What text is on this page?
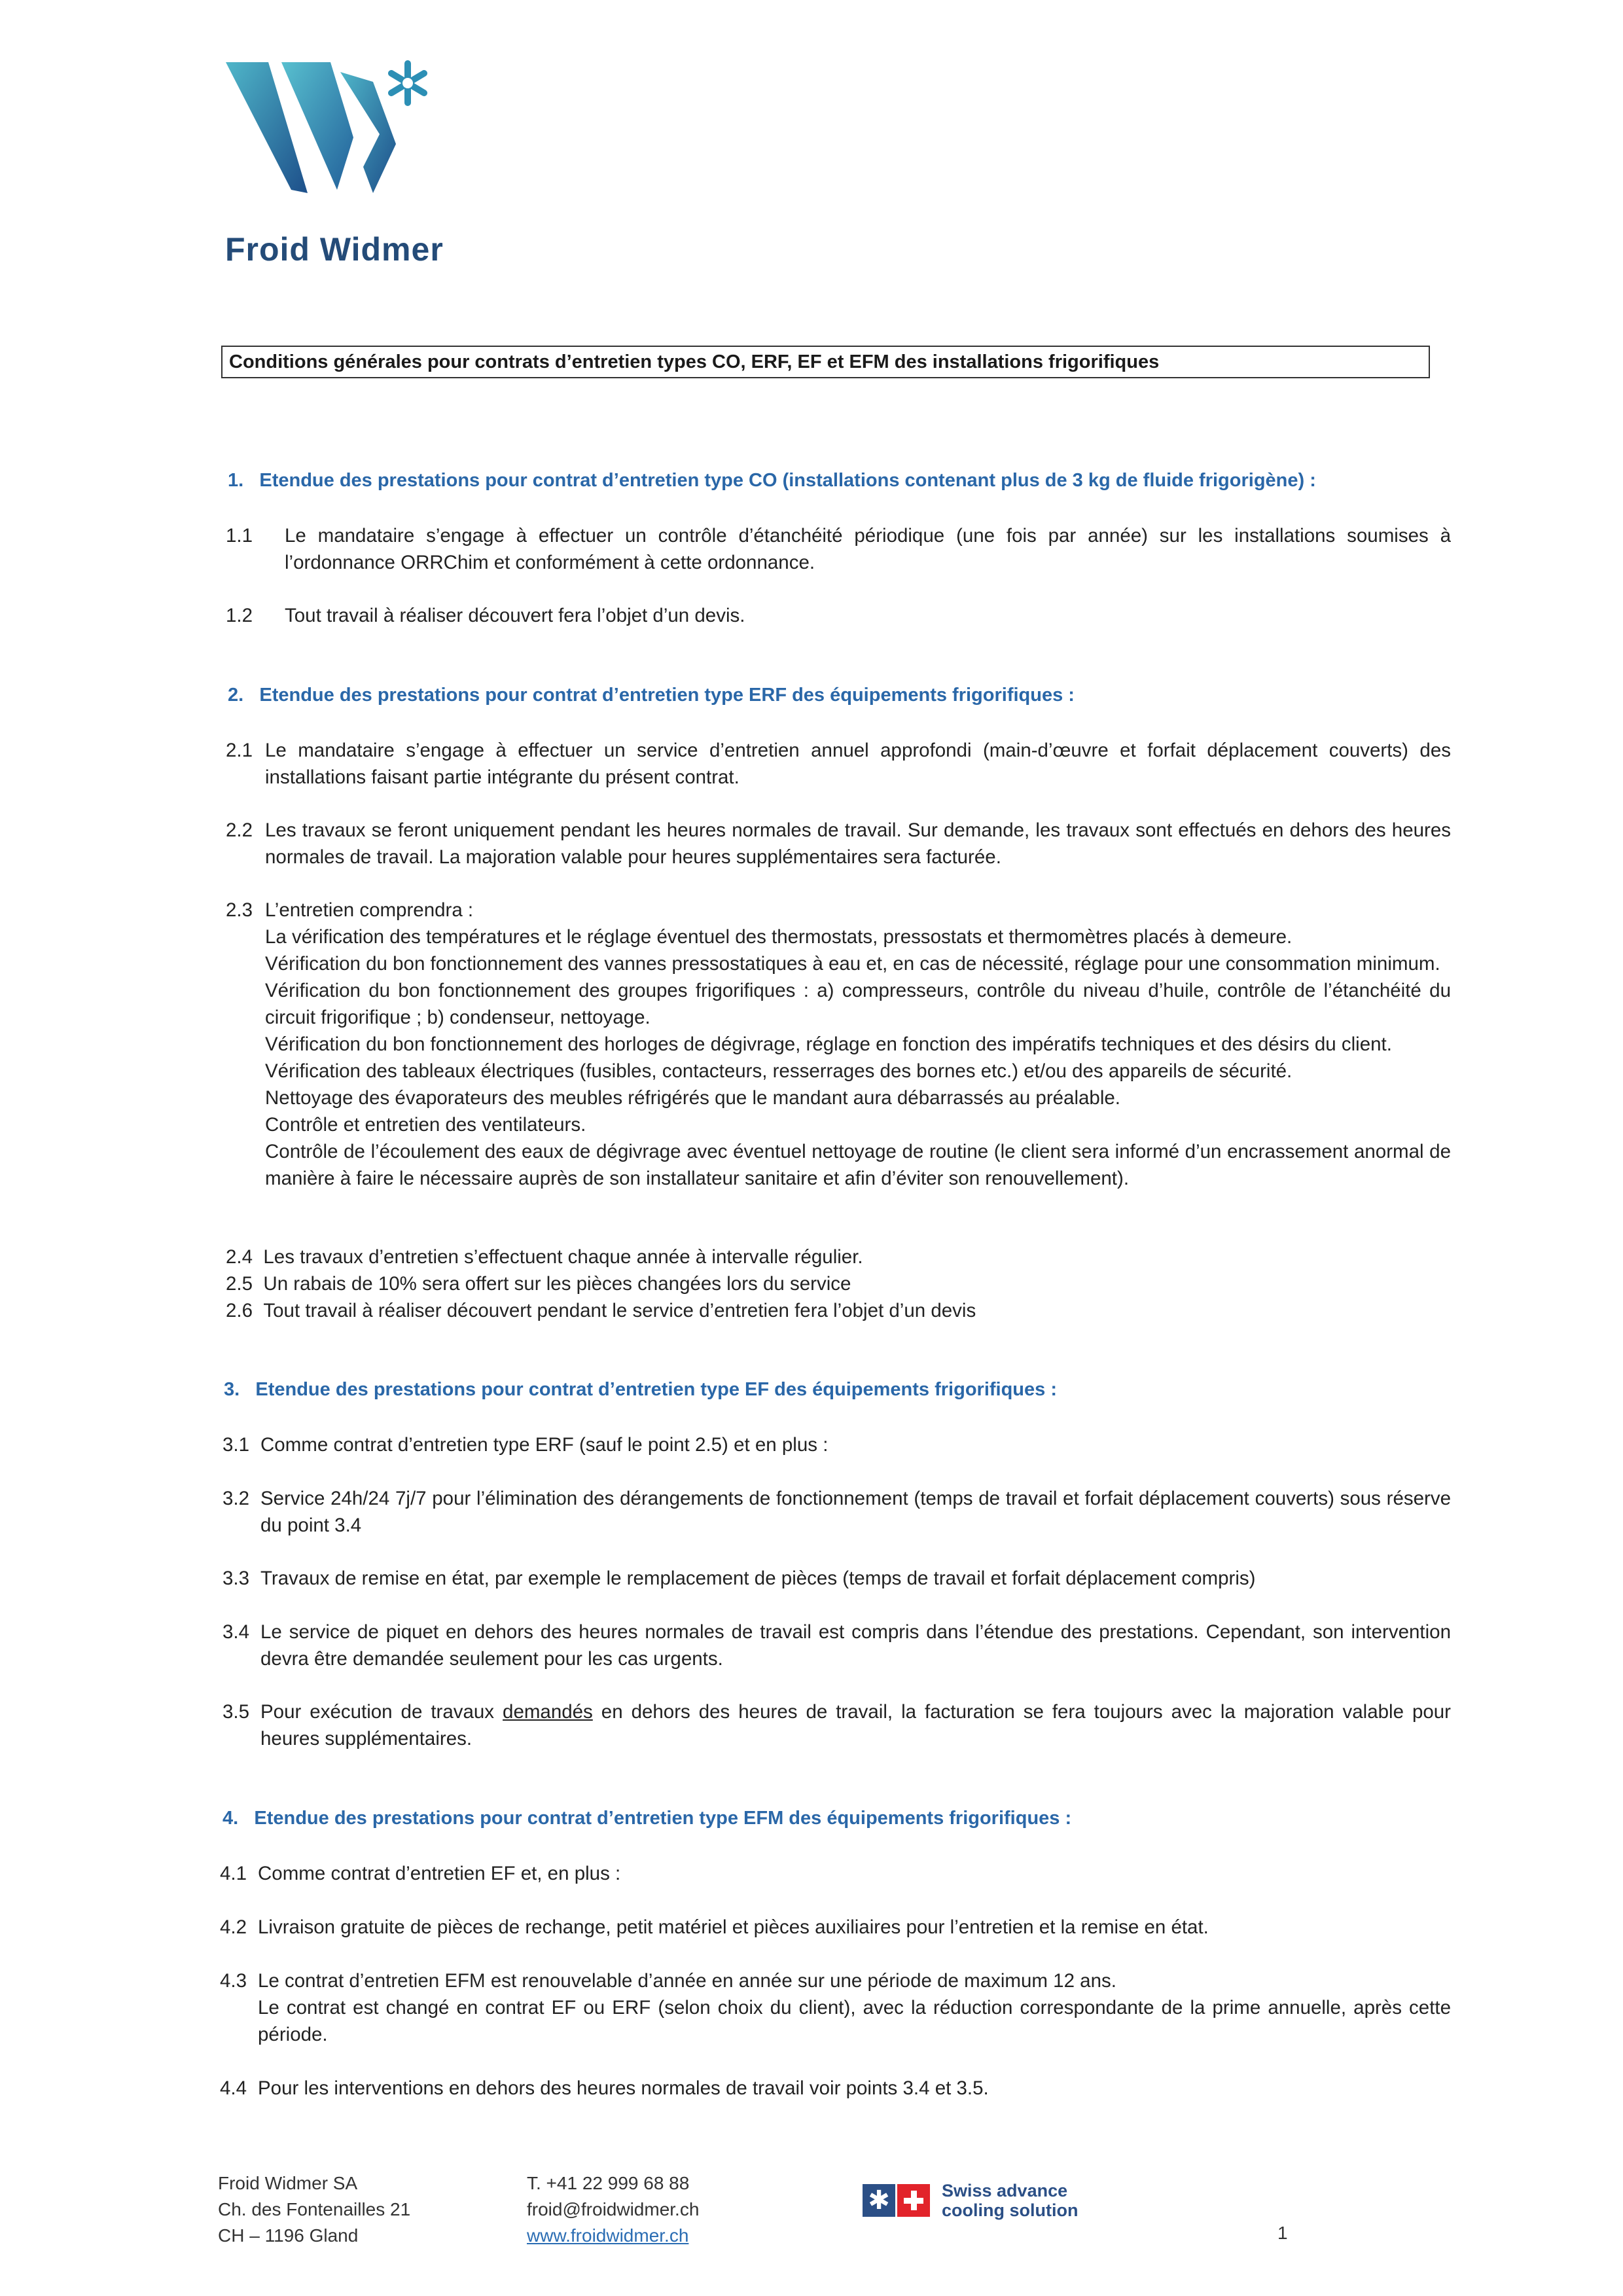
Froid Widmer
Conditions générales pour contrats d’entretien types CO, ERF, EF et EFM des installations frigorifiques
1.   Etendue des prestations pour contrat d’entretien type CO (installations contenant plus de 3 kg de fluide frigorigène) :
1.1 Le mandataire s’engage à effectuer un contrôle d’étanchéité périodique (une fois par année) sur les installations soumises à l’ordonnance ORRChim et conformément à cette ordonnance.
1.2 Tout travail à réaliser découvert fera l’objet d’un devis.
2.   Etendue des prestations pour contrat d’entretien type ERF des équipements frigorifiques :
2.1 Le mandataire s’engage à effectuer un service d’entretien annuel approfondi (main-d’œuvre et forfait déplacement couverts) des installations faisant partie intégrante du présent contrat.
2.2 Les travaux se feront uniquement pendant les heures normales de travail. Sur demande, les travaux sont effectués en dehors des heures normales de travail. La majoration valable pour heures supplémentaires sera facturée.
2.3 L’entretien comprendra :
La vérification des températures et le réglage éventuel des thermostats, pressostats et thermomètres placés à demeure.
Vérification du bon fonctionnement des vannes pressostatiques à eau et, en cas de nécessité, réglage pour une consommation minimum.
Vérification du bon fonctionnement des groupes frigorifiques : a) compresseurs, contrôle du niveau d’huile, contrôle de l’étanchéité du circuit frigorifique ; b) condenseur, nettoyage.
Vérification du bon fonctionnement des horloges de dégivrage, réglage en fonction des impératifs techniques et des désirs du client.
Vérification des tableaux électriques (fusibles, contacteurs, resserrages des bornes etc.) et/ou des appareils de sécurité.
Nettoyage des évaporateurs des meubles réfrigérés que le mandant aura débarrassés au préalable.
Contrôle et entretien des ventilateurs.
Contrôle de l’écoulement des eaux de dégivrage avec éventuel nettoyage de routine (le client sera informé d’un encrassement anormal de manière à faire le nécessaire auprès de son installateur sanitaire et afin d’éviter son renouvellement).
2.4  Les travaux d’entretien s’effectuent chaque année à intervalle régulier.
2.5  Un rabais de 10% sera offert sur les pièces changées lors du service
2.6  Tout travail à réaliser découvert pendant le service d’entretien fera l’objet d’un devis
3.   Etendue des prestations pour contrat d’entretien type EF des équipements frigorifiques :
3.1 Comme contrat d’entretien type ERF (sauf le point 2.5) et en plus :
3.2 Service 24h/24 7j/7 pour l’élimination des dérangements de fonctionnement (temps de travail et forfait déplacement couverts) sous réserve du point 3.4
3.3 Travaux de remise en état, par exemple le remplacement de pièces (temps de travail et forfait déplacement compris)
3.4 Le service de piquet en dehors des heures normales de travail est compris dans l’étendue des prestations. Cependant, son intervention devra être demandée seulement pour les cas urgents.
3.5 Pour exécution de travaux demandés en dehors des heures de travail, la facturation se fera toujours avec la majoration valable pour heures supplémentaires.
4.   Etendue des prestations pour contrat d’entretien type EFM des équipements frigorifiques :
4.1 Comme contrat d’entretien EF et, en plus :
4.2 Livraison gratuite de pièces de rechange, petit matériel et pièces auxiliaires pour l’entretien et la remise en état.
4.3 Le contrat d’entretien EFM est renouvelable d’année en année sur une période de maximum 12 ans.
Le contrat est changé en contrat EF ou ERF (selon choix du client), avec la réduction correspondante de la prime annuelle, après cette période.
4.4 Pour les interventions en dehors des heures normales de travail voir points 3.4 et 3.5.
Froid Widmer SA
Ch. des Fontenailles 21
CH – 1196 Gland
T. +41 22 999 68 88
froid@froidwidmer.ch
www.froidwidmer.ch
✱	Swiss advance
cooling solution
1
